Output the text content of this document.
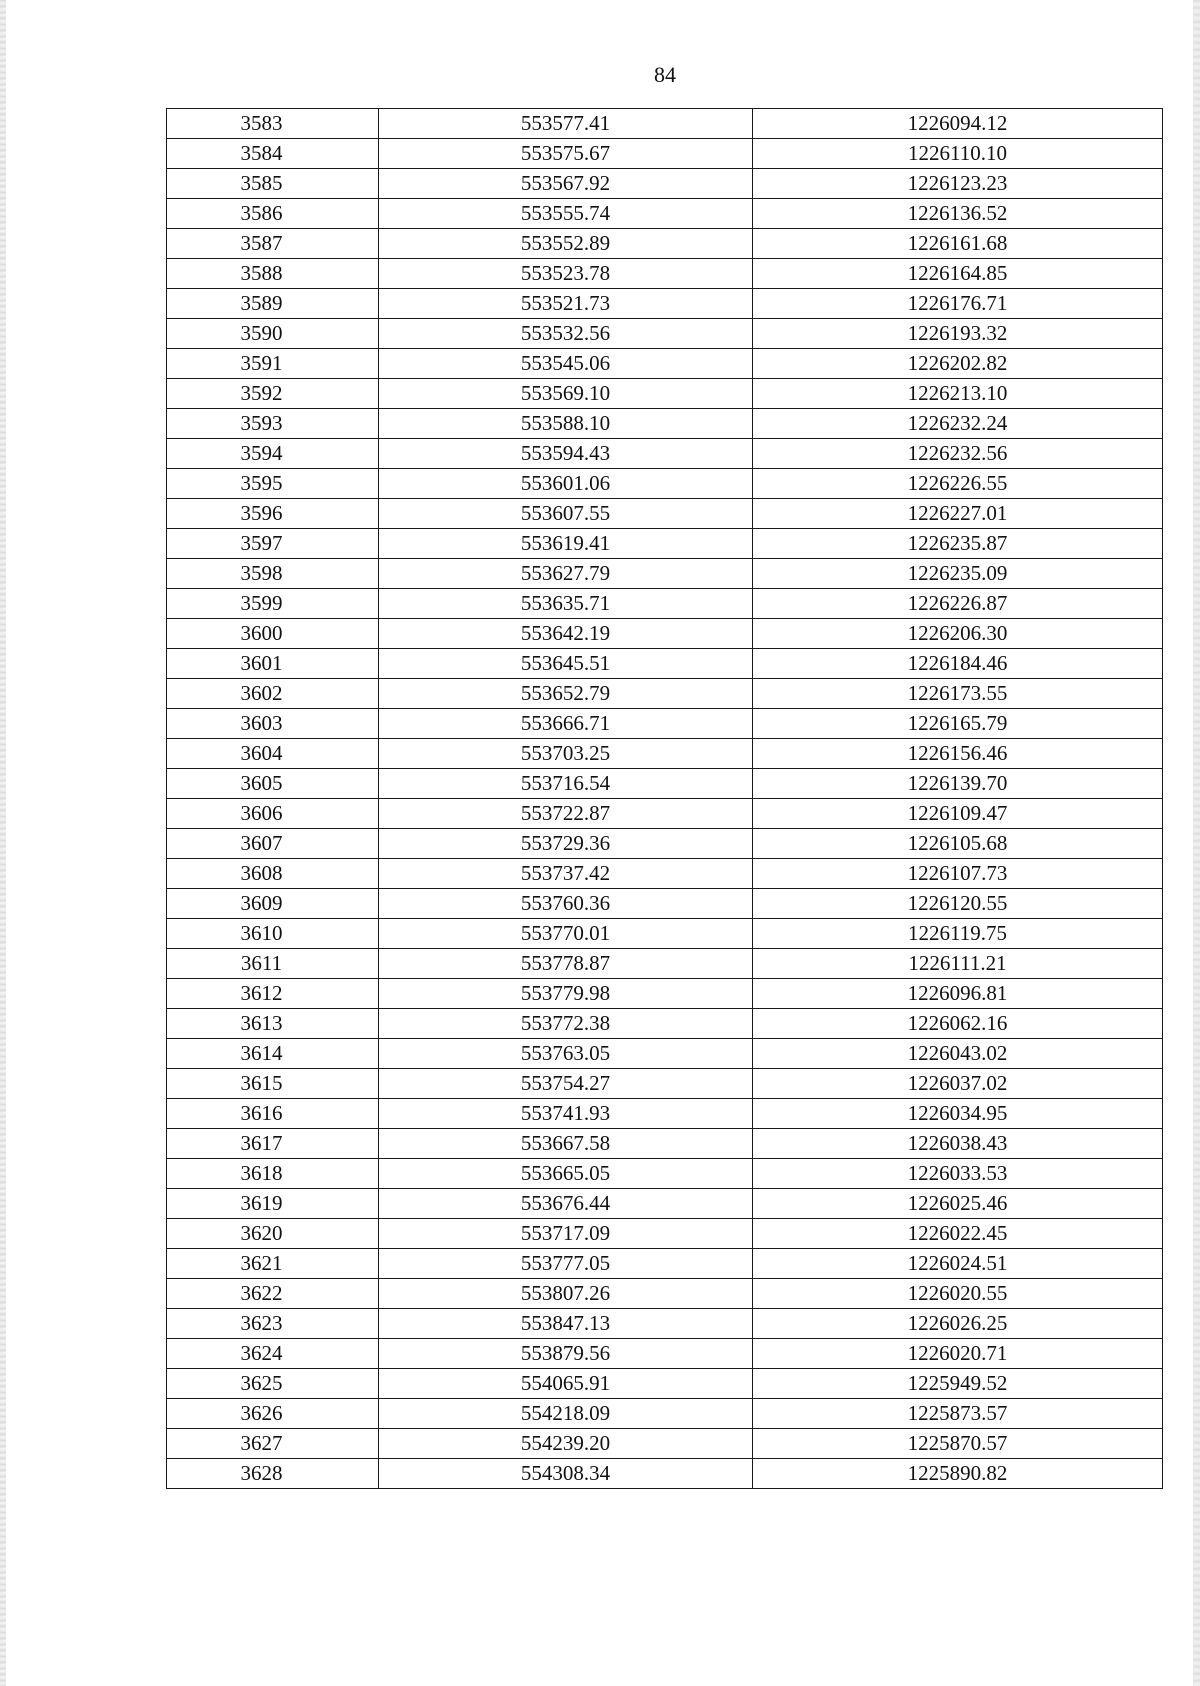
84
3583	553577.41	1226094.12
3584	553575.67	1226110.10
3585	553567.92	1226123.23
3586	553555.74	1226136.52
3587	553552.89	1226161.68
3588	553523.78	1226164.85
3589	553521.73	1226176.71
3590	553532.56	1226193.32
3591	553545.06	1226202.82
3592	553569.10	1226213.10
3593	553588.10	1226232.24
3594	553594.43	1226232.56
3595	553601.06	1226226.55
3596	553607.55	1226227.01
3597	553619.41	1226235.87
3598	553627.79	1226235.09
3599	553635.71	1226226.87
3600	553642.19	1226206.30
3601	553645.51	1226184.46
3602	553652.79	1226173.55
3603	553666.71	1226165.79
3604	553703.25	1226156.46
3605	553716.54	1226139.70
3606	553722.87	1226109.47
3607	553729.36	1226105.68
3608	553737.42	1226107.73
3609	553760.36	1226120.55
3610	553770.01	1226119.75
3611	553778.87	1226111.21
3612	553779.98	1226096.81
3613	553772.38	1226062.16
3614	553763.05	1226043.02
3615	553754.27	1226037.02
3616	553741.93	1226034.95
3617	553667.58	1226038.43
3618	553665.05	1226033.53
3619	553676.44	1226025.46
3620	553717.09	1226022.45
3621	553777.05	1226024.51
3622	553807.26	1226020.55
3623	553847.13	1226026.25
3624	553879.56	1226020.71
3625	554065.91	1225949.52
3626	554218.09	1225873.57
3627	554239.20	1225870.57
3628	554308.34	1225890.82
